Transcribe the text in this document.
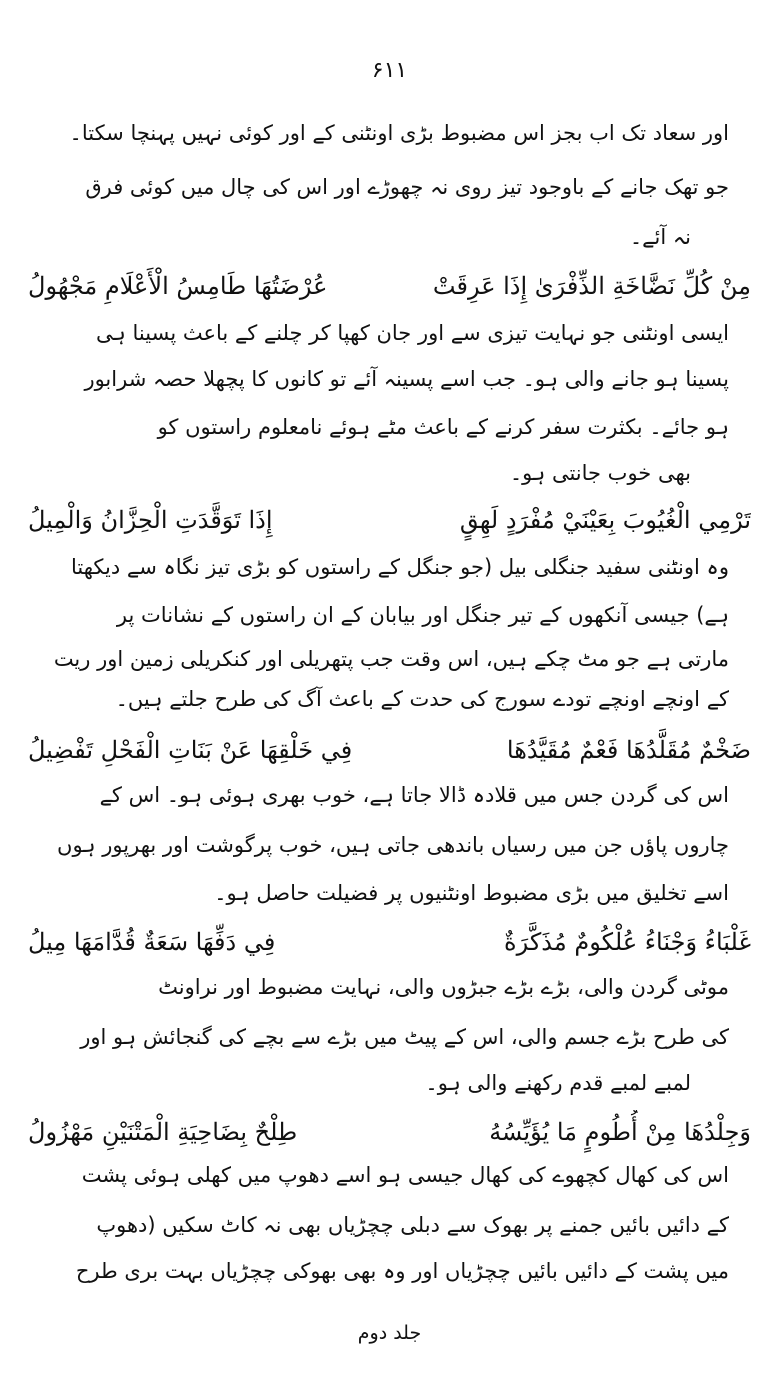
۶۱۱
اور سعاد تک اب بجز اس مضبوط بڑی اونٹنی کے اور کوئی نہیں پہنچا سکتا۔
جو تھک جانے کے باوجود تیز روی نہ چھوڑے اور اس کی چال میں کوئی فرق
نہ آئے۔
مِنْ كُلِّ نَضَّاخَةِ الذِّفْرَىٰ إِذَا عَرِقَتْ
عُرْضَتُهَا طَامِسُ الْأَعْلَامِ مَجْهُولُ
ایسی اونٹنی جو نہایت تیزی سے اور جان کھپا کر چلنے کے باعث پسینا ہی
پسینا ہو جانے والی ہو۔ جب اسے پسینہ آئے تو کانوں کا پچھلا حصہ شرابور
ہو جائے۔ بکثرت سفر کرنے کے باعث مٹے ہوئے نامعلوم راستوں کو
بھی خوب جانتی ہو۔
تَرْمِي الْغُيُوبَ بِعَيْنَيْ مُفْرَدٍ لَهِقٍ
إِذَا تَوَقَّدَتِ الْحِزَّانُ وَالْمِيلُ
وہ اونٹنی سفید جنگلی بیل (جو جنگل کے راستوں کو بڑی تیز نگاہ سے دیکھتا
ہے) جیسی آنکھوں کے تیر جنگل اور بیابان کے ان راستوں کے نشانات پر
مارتی ہے جو مٹ چکے ہیں، اس وقت جب پتھریلی اور کنکریلی زمین اور ریت
کے اونچے اونچے تودے سورج کی حدت کے باعث آگ کی طرح جلتے ہیں۔
ضَخْمٌ مُقَلَّدُهَا فَعْمٌ مُقَيَّدُهَا
فِي خَلْقِهَا عَنْ بَنَاتِ الْفَحْلِ تَفْضِيلُ
اس کی گردن جس میں قلادہ ڈالا جاتا ہے، خوب بھری ہوئی ہو۔ اس کے
چاروں پاؤں جن میں رسیاں باندھی جاتی ہیں، خوب پرگوشت اور بھرپور ہوں
اسے تخلیق میں بڑی مضبوط اونٹنیوں پر فضیلت حاصل ہو۔
غَلْبَاءُ وَجْنَاءُ عُلْكُومٌ مُذَكَّرَةٌ
فِي دَفِّهَا سَعَةٌ قُدَّامَهَا مِيلُ
موٹی گردن والی، بڑے بڑے جبڑوں والی، نہایت مضبوط اور نراونٹ
کی طرح بڑے جسم والی، اس کے پیٹ میں بڑے سے بچے کی گنجائش ہو اور
لمبے لمبے قدم رکھنے والی ہو۔
وَجِلْدُهَا مِنْ أُطُومٍ مَا يُؤَيِّسُهُ
طِلْحٌ بِضَاحِيَةِ الْمَتْنَيْنِ مَهْزُولُ
اس کی کھال کچھوے کی کھال جیسی ہو اسے دھوپ میں کھلی ہوئی پشت
کے دائیں بائیں جمنے پر بھوک سے دبلی چچڑیاں بھی نہ کاٹ سکیں (دھوپ
میں پشت کے دائیں بائیں چچڑیاں اور وہ بھی بھوکی چچڑیاں بہت بری طرح
جلد دوم
